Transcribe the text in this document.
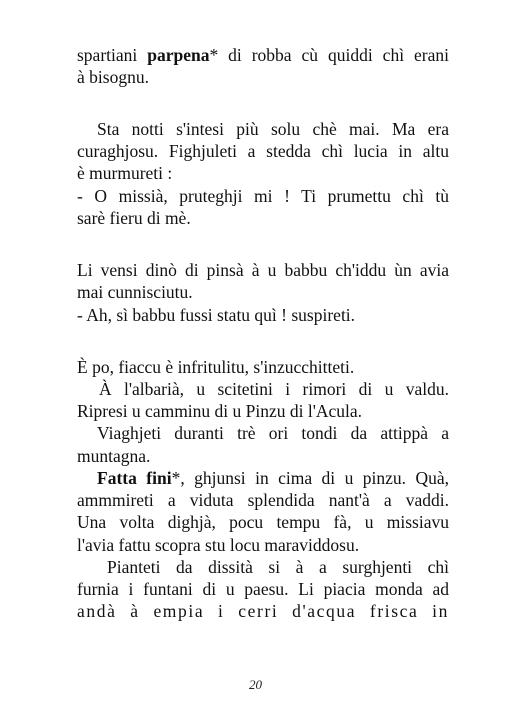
spartiani parpena* di robba cù quiddi chì erani
à bisognu.
Sta notti s'intesi più solu chè mai. Ma era
curaghjosu. Fighjuleti a stedda chì lucia in altu
è murmureti :
- O missià, pruteghji mi ! Ti prumettu chì tù
sarè fieru di mè.
Li vensi dinò di pinsà à u babbu ch'iddu ùn avia
mai cunnisciutu.
- Ah, sì babbu fussi statu quì ! suspireti.
È po, fiaccu è infritulitu, s'inzucchitteti.
À l'albarià, u scitetini i rimori di u valdu.
Ripresi u camminu di u Pinzu di l'Acula.
Viaghjeti duranti trè ori tondi da attippà a
muntagna.
Fatta fini*, ghjunsi in cima di u pinzu. Quà,
ammmireti a viduta splendida nant'à a vaddi.
Una volta dighjà, pocu tempu fà, u missiavu
l'avia fattu scopra stu locu maraviddosu.
Pianteti da dissità si à a surghjenti chì
furnia i funtani di u paesu. Li piacia monda ad
andà à empia i cerri d'acqua frisca in
20
